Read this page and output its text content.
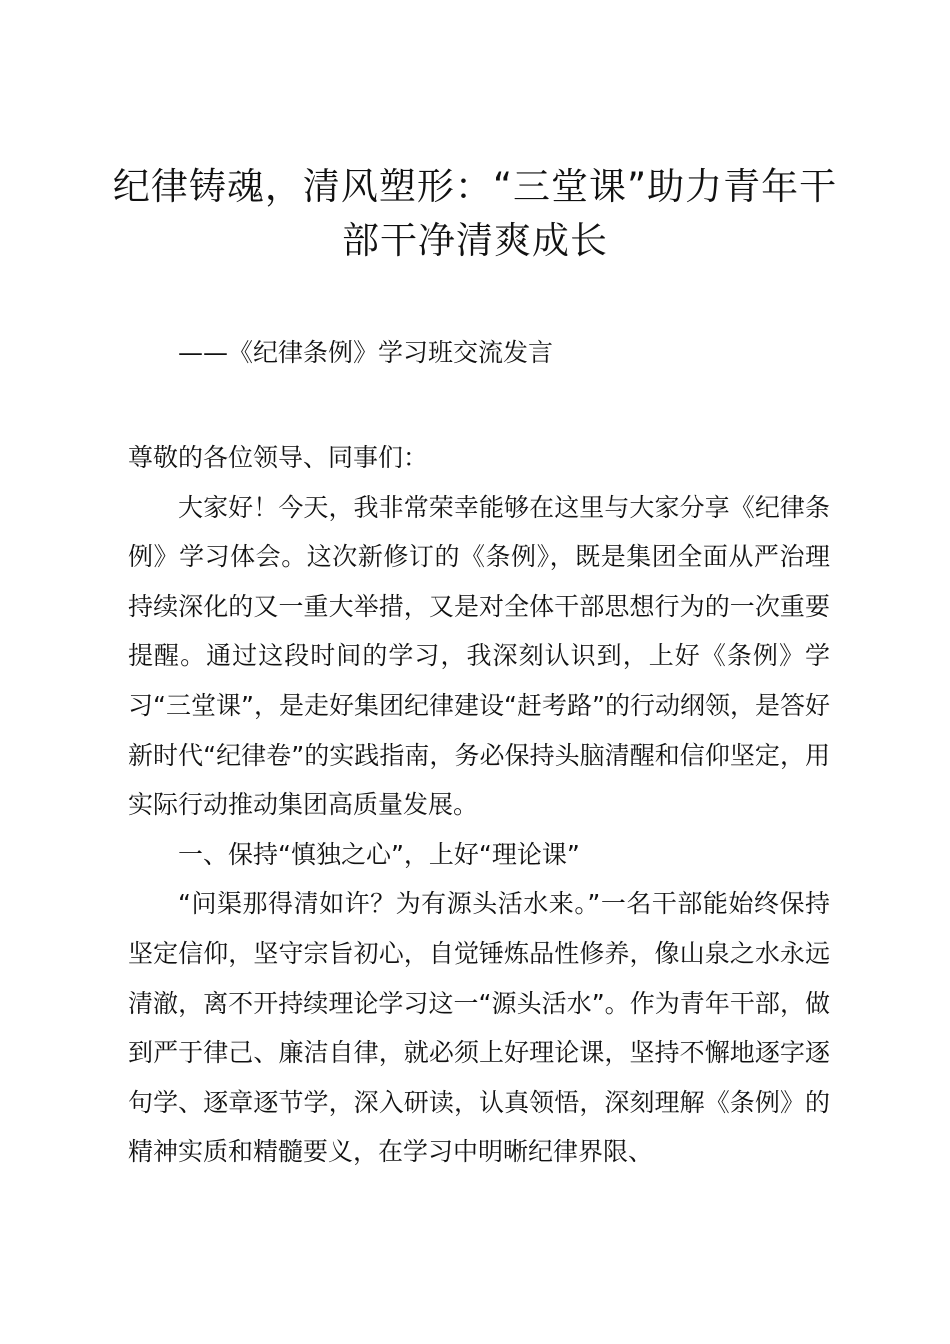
纪律铸魂，清风塑形：“三堂课”助力青年干部干净清爽成长

——《纪律条例》学习班交流发言

尊敬的各位领导、同事们：

大家好！今天，我非常荣幸能够在这里与大家分享《纪律条例》学习体会。这次新修订的《条例》，既是集团全面从严治理持续深化的又一重大举措，又是对全体干部思想行为的一次重要提醒。通过这段时间的学习，我深刻认识到，上好《条例》学习“三堂课”，是走好集团纪律建设“赶考路”的行动纲领，是答好新时代“纪律卷”的实践指南，务必保持头脑清醒和信仰坚定，用实际行动推动集团高质量发展。

一、保持“慎独之心”，上好“理论课”

“问渠那得清如许？为有源头活水来。”一名干部能始终保持坚定信仰，坚守宗旨初心，自觉锤炼品性修养，像山泉之水永远清澈，离不开持续理论学习这一“源头活水”。作为青年干部，做到严于律己、廉洁自律，就必须上好理论课，坚持不懈地逐字逐句学、逐章逐节学，深入研读，认真领悟，深刻理解《条例》的精神实质和精髓要义，在学习中明晰纪律界限、
